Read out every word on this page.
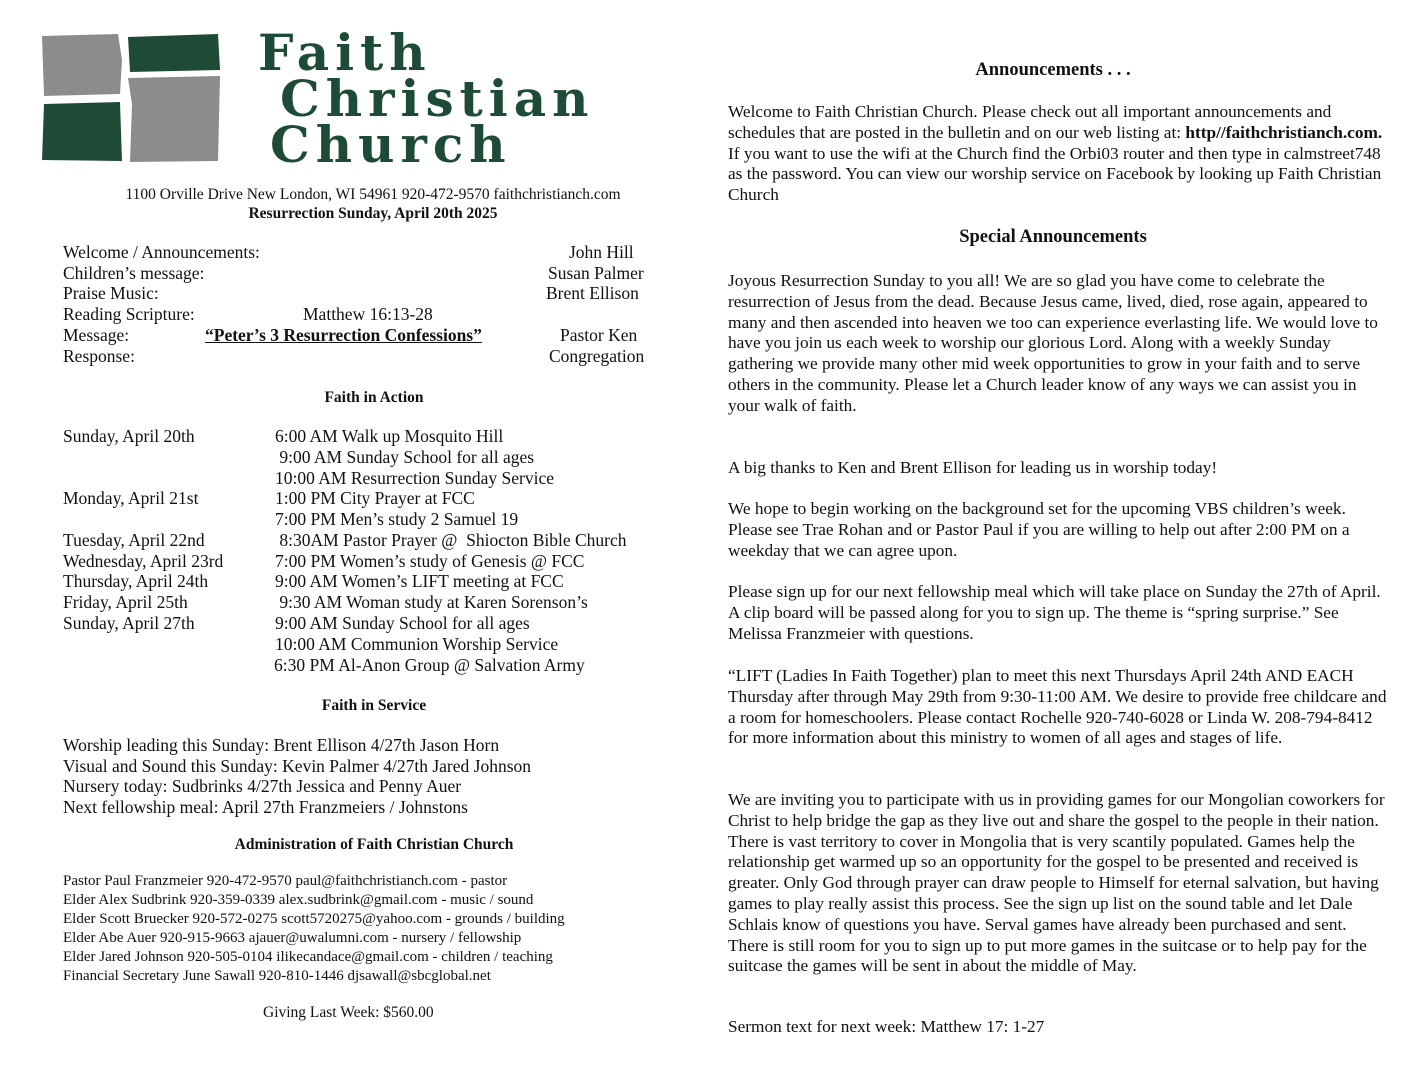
Faith
Christian
Church
1100 Orville Drive New London, WI 54961 920-472-9570 faithchristianch.com
Resurrection Sunday, April 20th 2025
Welcome / Announcements:	John Hill
Children’s message:	Susan Palmer
Praise Music:	Brent Ellison
Reading Scripture:	Matthew 16:13-28
Message:	“Peter’s 3 Resurrection Confessions”	Pastor Ken
Response:	Congregation
Faith in Action
Sunday, April 20th	6:00 AM Walk up Mosquito Hill
9:00 AM Sunday School for all ages
10:00 AM Resurrection Sunday Service
Monday, April 21st	1:00 PM City Prayer at FCC
7:00 PM Men’s study 2 Samuel 19
Tuesday, April 22nd	8:30AM Pastor Prayer @  Shiocton Bible Church
Wednesday, April 23rd	7:00 PM Women’s study of Genesis @ FCC
Thursday, April 24th	9:00 AM Women’s LIFT meeting at FCC
Friday, April 25th	9:30 AM Woman study at Karen Sorenson’s
Sunday, April 27th	9:00 AM Sunday School for all ages
10:00 AM Communion Worship Service
6:30 PM Al-Anon Group @ Salvation Army
Faith in Service
Worship leading this Sunday: Brent Ellison 4/27th Jason Horn
Visual and Sound this Sunday: Kevin Palmer 4/27th Jared Johnson
Nursery today: Sudbrinks 4/27th Jessica and Penny Auer
Next fellowship meal: April 27th Franzmeiers / Johnstons
Administration of Faith Christian Church
Pastor Paul Franzmeier 920-472-9570 paul@faithchristianch.com - pastor
Elder Alex Sudbrink 920-359-0339 alex.sudbrink@gmail.com - music / sound
Elder Scott Bruecker 920-572-0275 scott5720275@yahoo.com - grounds / building
Elder Abe Auer 920-915-9663 ajauer@uwalumni.com - nursery / fellowship
Elder Jared Johnson 920-505-0104 ilikecandace@gmail.com - children / teaching
Financial Secretary June Sawall 920-810-1446 djsawall@sbcglobal.net
Giving Last Week: $560.00
Announcements . . .

Welcome to Faith Christian Church. Please check out all important announcements and schedules that are posted in the bulletin and on our web listing at: http//faithchristianch.com. If you want to use the wifi at the Church find the Orbi03 router and then type in calmstreet748 as the password. You can view our worship service on Facebook by looking up Faith Christian Church

Special Announcements
Joyous Resurrection Sunday to you all! We are so glad you have come to celebrate the resurrection of Jesus from the dead. Because Jesus came, lived, died, rose again, appeared to many and then ascended into heaven we too can experience everlasting life. We would love to have you join us each week to worship our glorious Lord. Along with a weekly Sunday gathering we provide many other mid week opportunities to grow in your faith and to serve others in the community. Please let a Church leader know of any ways we can assist you in your walk of faith.
A big thanks to Ken and Brent Ellison for leading us in worship today!
We hope to begin working on the background set for the upcoming VBS children’s week. Please see Trae Rohan and or Pastor Paul if you are willing to help out after 2:00 PM on a weekday that we can agree upon.
Please sign up for our next fellowship meal which will take place on Sunday the 27th of April. A clip board will be passed along for you to sign up. The theme is “spring surprise.” See Melissa Franzmeier with questions.
“LIFT (Ladies In Faith Together) plan to meet this next Thursdays April 24th AND EACH Thursday after through May 29th from 9:30-11:00 AM. We desire to provide free childcare and a room for homeschoolers. Please contact Rochelle 920-740-6028 or Linda W. 208-794-8412 for more information about this ministry to women of all ages and stages of life.
We are inviting you to participate with us in providing games for our Mongolian coworkers for Christ to help bridge the gap as they live out and share the gospel to the people in their nation. There is vast territory to cover in Mongolia that is very scantily populated. Games help the relationship get warmed up so an opportunity for the gospel to be presented and received is greater. Only God through prayer can draw people to Himself for eternal salvation, but having games to play really assist this process. See the sign up list on the sound table and let Dale Schlais know of questions you have. Serval games have already been purchased and sent. There is still room for you to sign up to put more games in the suitcase or to help pay for the suitcase the games will be sent in about the middle of May.
Sermon text for next week: Matthew 17: 1-27
